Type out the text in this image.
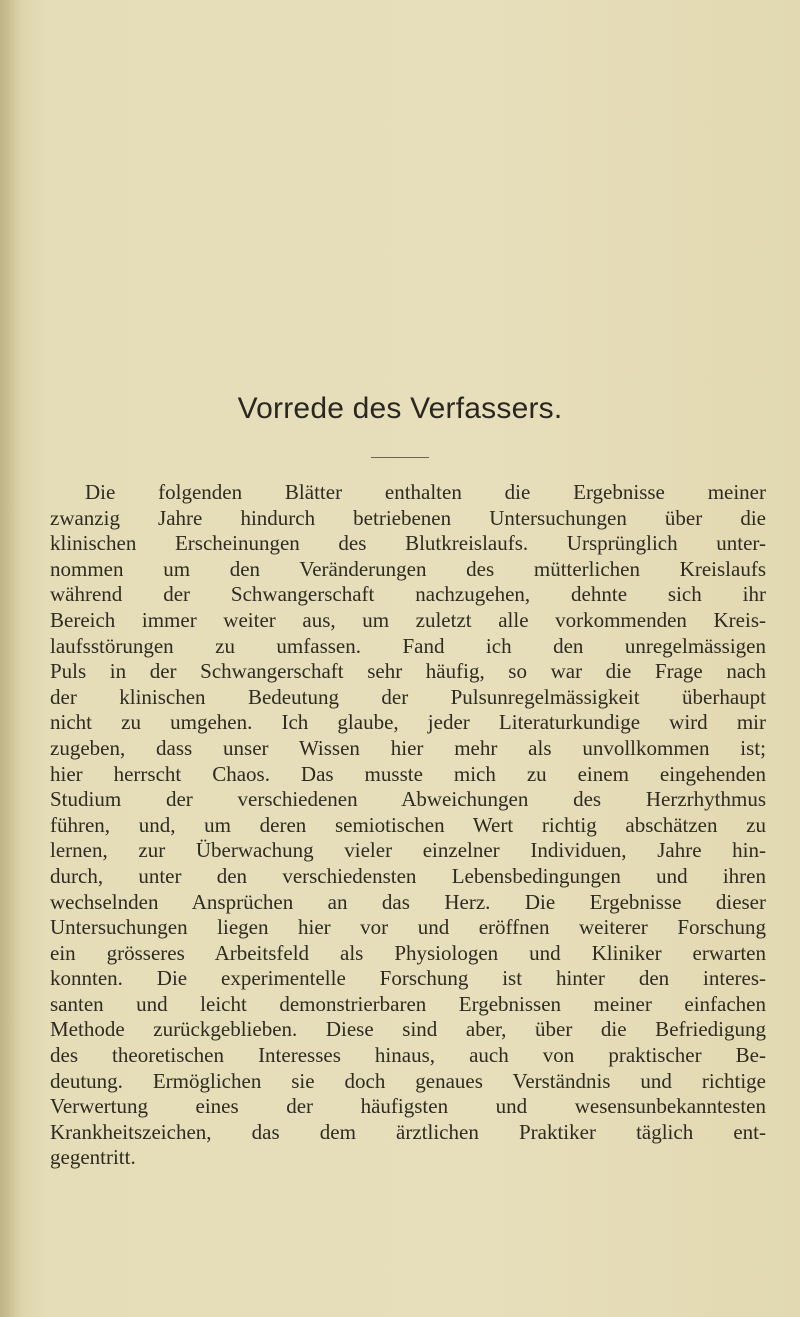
Vorrede des Verfassers.
Die folgenden Blätter enthalten die Ergebnisse meiner
zwanzig Jahre hindurch betriebenen Untersuchungen über die
klinischen Erscheinungen des Blutkreislaufs. Ursprünglich unter-
nommen um den Veränderungen des mütterlichen Kreislaufs
während der Schwangerschaft nachzugehen, dehnte sich ihr
Bereich immer weiter aus, um zuletzt alle vorkommenden Kreis-
laufsstörungen zu umfassen. Fand ich den unregelmässigen
Puls in der Schwangerschaft sehr häufig, so war die Frage nach
der klinischen Bedeutung der Pulsunregelmässigkeit überhaupt
nicht zu umgehen. Ich glaube, jeder Literaturkundige wird mir
zugeben, dass unser Wissen hier mehr als unvollkommen ist;
hier herrscht Chaos. Das musste mich zu einem eingehenden
Studium der verschiedenen Abweichungen des Herzrhythmus
führen, und, um deren semiotischen Wert richtig abschätzen zu
lernen, zur Überwachung vieler einzelner Individuen, Jahre hin-
durch, unter den verschiedensten Lebensbedingungen und ihren
wechselnden Ansprüchen an das Herz. Die Ergebnisse dieser
Untersuchungen liegen hier vor und eröffnen weiterer Forschung
ein grösseres Arbeitsfeld als Physiologen und Kliniker erwarten
konnten. Die experimentelle Forschung ist hinter den interes-
santen und leicht demonstrierbaren Ergebnissen meiner einfachen
Methode zurückgeblieben. Diese sind aber, über die Befriedigung
des theoretischen Interesses hinaus, auch von praktischer Be-
deutung. Ermöglichen sie doch genaues Verständnis und richtige
Verwertung eines der häufigsten und wesensunbekanntesten
Krankheitszeichen, das dem ärztlichen Praktiker täglich ent-
gegentritt.
